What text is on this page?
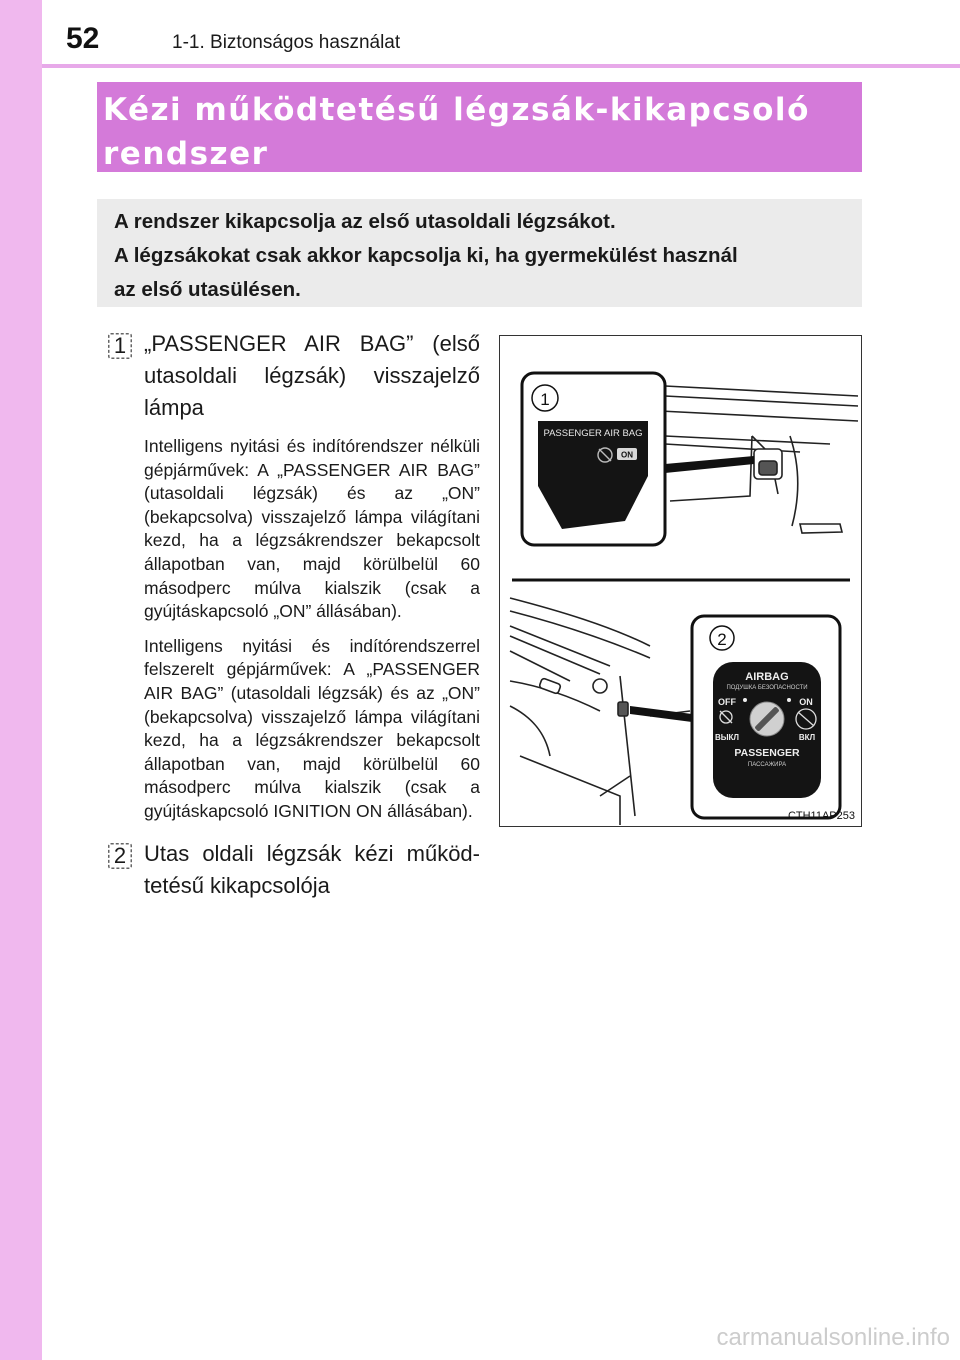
52	1-1. Biztonságos használat
Kézi működtetésű légzsák-kikapcsoló
rendszer
A rendszer kikapcsolja az első utasoldali légzsákot.
A légzsákokat csak akkor kapcsolja ki, ha gyermekülést használ
az első utasülésen.
1 „PASSENGER AIR BAG” (első utasoldali légzsák) visszajelző lámpa

Intelligens nyitási és indítórendszer nélküli gépjárművek: A „PASSENGER AIR BAG” (utasoldali légzsák) és az „ON” (bekapcsolva) visszajelző lámpa világítani kezd, ha a légzsákrendszer bekapcsolt állapotban van, majd körülbelül 60 másodperc múlva kialszik (csak a gyújtáskapcsoló „ON” állásában).

Intelligens nyitási és indítórendszerrel felszerelt gépjárművek: A „PASSENGER AIR BAG” (utasoldali légzsák) és az „ON” (bekapcsolva) visszajelző lámpa világítani kezd, ha a légzsákrendszer bekapcsolt állapotban van, majd körülbelül 60 másodperc múlva kialszik (csak a gyújtáskapcsoló IGNITION ON állásában).

2 Utas oldali légzsák kézi működtetésű kikapcsolója
1
PASSENGER AIR BAG
ON
2
AIRBAG
ПОДУШКА БЕЗОПАСНОСТИ
OFF	ON
ВЫКЛ	ВКЛ
PASSENGER
ПАССАЖИРА
CTH11AP253
carmanualsonline.info
